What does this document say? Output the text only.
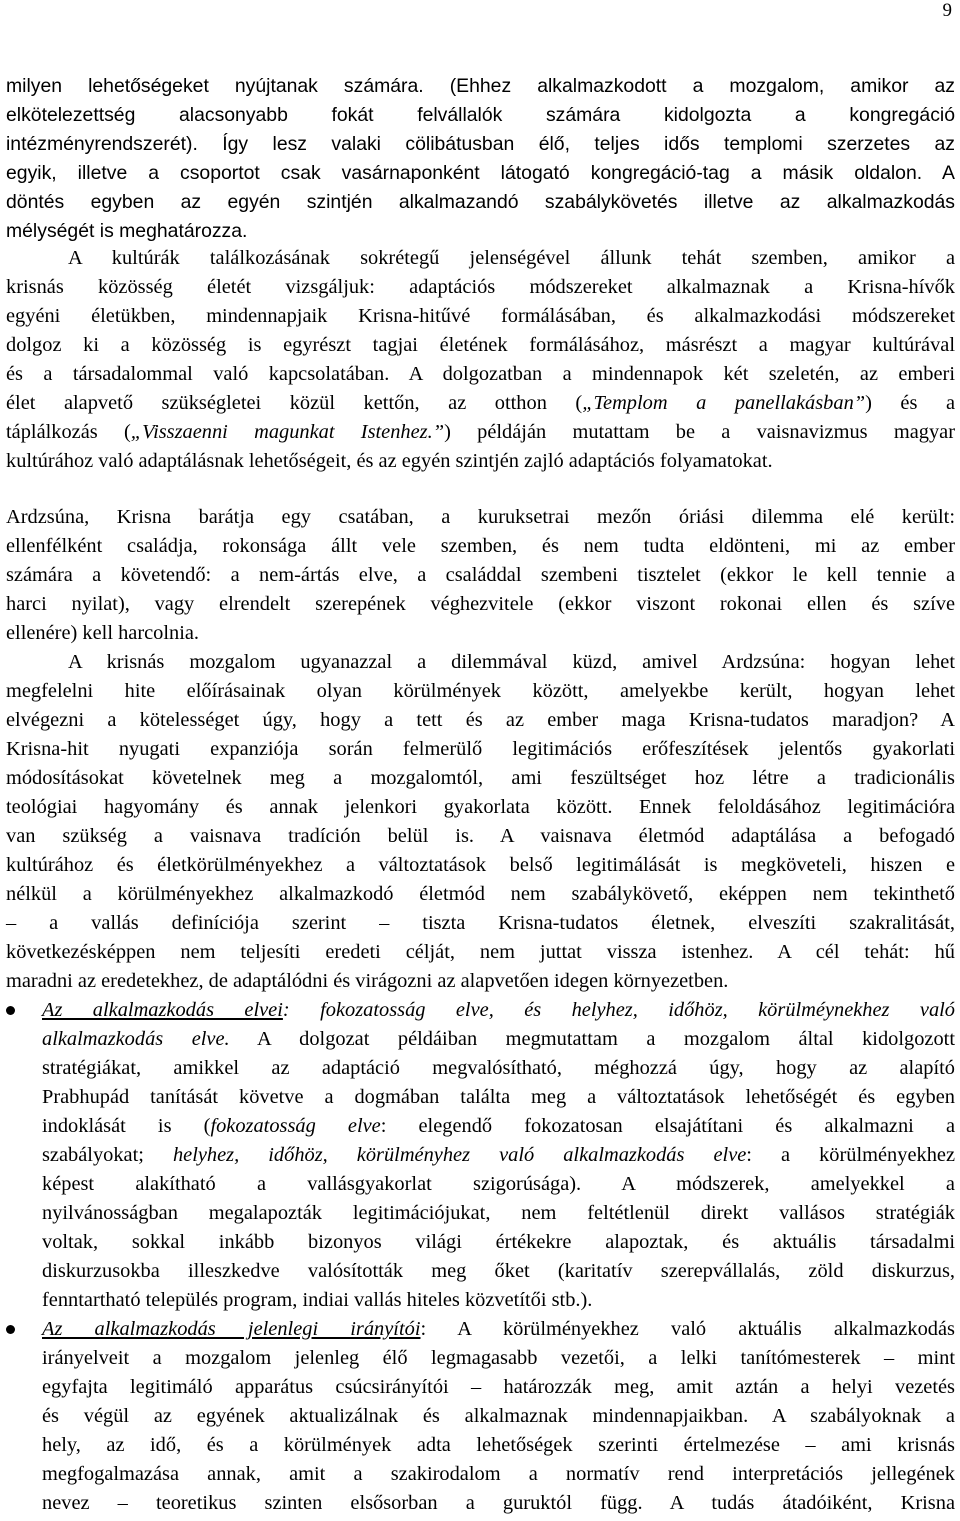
9
milyen lehetőségeket nyújtanak számára. (Ehhez alkalmazkodott a mozgalom, amikor az
elkötelezettség alacsonyabb fokát felvállalók számára kidolgozta a kongregáció
intézményrendszerét). Így lesz valaki cölibátusban élő, teljes idős templomi szerzetes az
egyik, illetve a csoportot csak vasárnaponként látogató kongregáció-tag a másik oldalon. A
döntés egyben az egyén szintjén alkalmazandó szabálykövetés illetve az alkalmazkodás
mélységét is meghatározza.
A kultúrák találkozásának sokrétegű jelenségével állunk tehát szemben, amikor a
krisnás közösség életét vizsgáljuk: adaptációs módszereket alkalmaznak a Krisna-hívők
egyéni életükben, mindennapjaik Krisna-hitűvé formálásában, és alkalmazkodási módszereket
dolgoz ki a közösség is egyrészt tagjai életének formálásához, másrészt a magyar kultúrával
és a társadalommal való kapcsolatában. A dolgozatban a mindennapok két szeletén, az emberi
élet alapvető szükségletei közül kettőn, az otthon („Templom a panellakásban”) és a
táplálkozás („Visszaenni magunkat Istenhez.”) példáján mutattam be a vaisnavizmus magyar
kultúrához való adaptálásnak lehetőségeit, és az egyén szintjén zajló adaptációs folyamatokat.
Ardzsúna, Krisna barátja egy csatában, a kuruksetrai mezőn óriási dilemma elé került:
ellenfélként családja, rokonsága állt vele szemben, és nem tudta eldönteni, mi az ember
számára a követendő: a nem-ártás elve, a családdal szembeni tisztelet (ekkor le kell tennie a
harci nyilat), vagy elrendelt szerepének véghezvitele (ekkor viszont rokonai ellen és szíve
ellenére) kell harcolnia.
A krisnás mozgalom ugyanazzal a dilemmával küzd, amivel Ardzsúna: hogyan lehet
megfelelni hite előírásainak olyan körülmények között, amelyekbe került, hogyan lehet
elvégezni a kötelességet úgy, hogy a tett és az ember maga Krisna-tudatos maradjon? A
Krisna-hit nyugati expanziója során felmerülő legitimációs erőfeszítések jelentős gyakorlati
módosításokat követelnek meg a mozgalomtól, ami feszültséget hoz létre a tradicionális
teológiai hagyomány és annak jelenkori gyakorlata között. Ennek feloldásához legitimációra
van szükség a vaisnava tradíción belül is. A vaisnava életmód adaptálása a befogadó
kultúrához és életkörülményekhez a változtatások belső legitimálását is megköveteli, hiszen e
nélkül a körülményekhez alkalmazkodó életmód nem szabálykövető, eképpen nem tekinthető
– a vallás definíciója szerint – tiszta Krisna-tudatos életnek, elveszíti szakralitását,
következésképpen nem teljesíti eredeti célját, nem juttat vissza istenhez. A cél tehát: hű
maradni az eredetekhez, de adaptálódni és virágozni az alapvetően idegen környezetben.
Az alkalmazkodás elvei: fokozatosság elve, és helyhez, időhöz, körülméynekhez való
alkalmazkodás elve. A dolgozat példáiban megmutattam a mozgalom által kidolgozott
stratégiákat, amikkel az adaptáció megvalósítható, méghozzá úgy, hogy az alapító
Prabhupád tanítását követve a dogmában találta meg a változtatások lehetőségét és egyben
indoklását is (fokozatosság elve: elegendő fokozatosan elsajátítani és alkalmazni a
szabályokat; helyhez, időhöz, körülményhez való alkalmazkodás elve: a körülményekhez
képest alakítható a vallásgyakorlat szigorúsága). A módszerek, amelyekkel a
nyilvánosságban megalapozták legitimációjukat, nem feltétlenül direkt vallásos stratégiák
voltak, sokkal inkább bizonyos világi értékekre alapoztak, és aktuális társadalmi
diskurzusokba illeszkedve valósították meg őket (karitatív szerepvállalás, zöld diskurzus,
fenntartható település program, indiai vallás hiteles közvetítői stb.).
Az alkalmazkodás jelenlegi irányítói: A körülményekhez való aktuális alkalmazkodás
irányelveit a mozgalom jelenleg élő legmagasabb vezetői, a lelki tanítómesterek – mint
egyfajta legitimáló apparátus csúcsirányítói – határozzák meg, amit aztán a helyi vezetés
és végül az egyének aktualizálnak és alkalmaznak mindennapjaikban. A szabályoknak a
hely, az idő, és a körülmények adta lehetőségek szerinti értelmezése – ami krisnás
megfogalmazása annak, amit a szakirodalom a normatív rend interpretációs jellegének
nevez – teoretikus szinten elsősorban a guruktól függ. A tudás átadóiként, Krisna
